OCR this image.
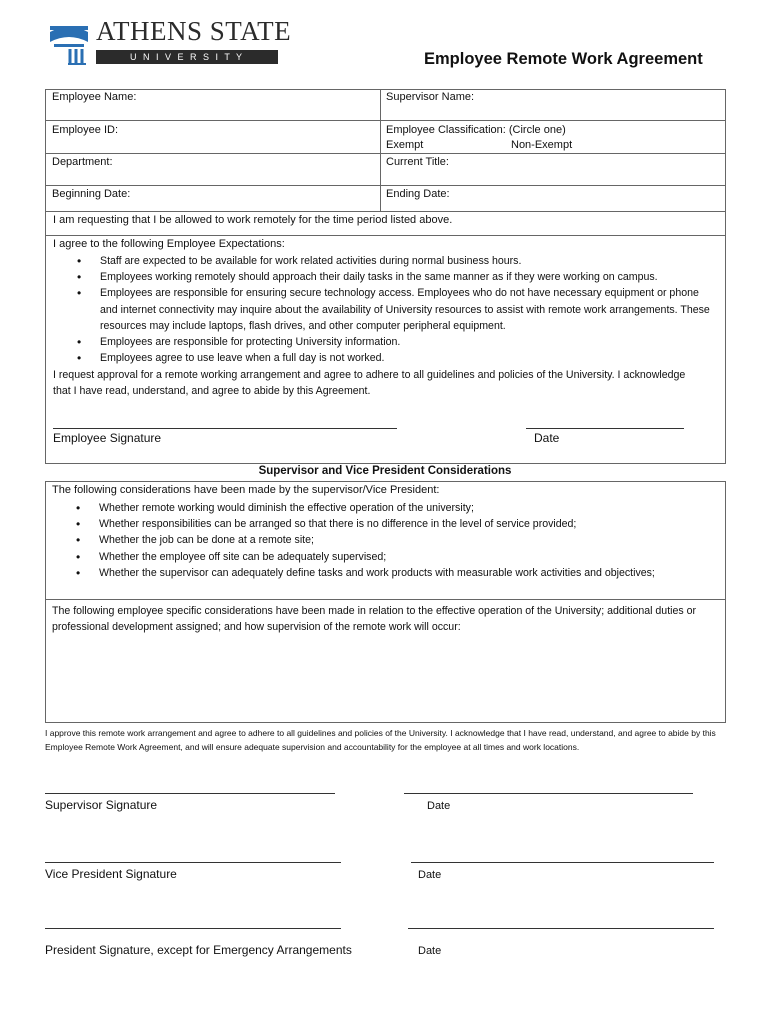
ATHENS STATE
U N I V E R S I T Y	Employee Remote Work Agreement
Employee Name:	Supervisor Name:
Employee ID:	Employee Classification: (Circle one)
Exempt	Non-Exempt
Department:	Current Title:
Beginning Date:	Ending Date:
I am requesting that I be allowed to work remotely for the time period listed above.
I agree to the following Employee Expectations:
• Staff are expected to be available for work related activities during normal business hours.
• Employees working remotely should approach their daily tasks in the same manner as if they were working on campus.
• Employees are responsible for ensuring secure technology access. Employees who do not have necessary equipment or phone and internet connectivity may inquire about the availability of University resources to assist with remote work arrangements. These resources may include laptops, flash drives, and other computer peripheral equipment.
• Employees are responsible for protecting University information.
• Employees agree to use leave when a full day is not worked.
I request approval for a remote working arrangement and agree to adhere to all guidelines and policies of the University. I acknowledge that I have read, understand, and agree to abide by this Agreement.
Employee Signature	Date
Supervisor and Vice President Considerations
The following considerations have been made by the supervisor/Vice President:
• Whether remote working would diminish the effective operation of the university;
• Whether responsibilities can be arranged so that there is no difference in the level of service provided;
• Whether the job can be done at a remote site;
• Whether the employee off site can be adequately supervised;
• Whether the supervisor can adequately define tasks and work products with measurable work activities and objectives;
The following employee specific considerations have been made in relation to the effective operation of the University; additional duties or professional development assigned; and how supervision of the remote work will occur:
I approve this remote work arrangement and agree to adhere to all guidelines and policies of the University. I acknowledge that I have read, understand, and agree to abide by this Employee Remote Work Agreement, and will ensure adequate supervision and accountability for the employee at all times and work locations.
Supervisor Signature	Date
Vice President Signature	Date
President Signature, except for Emergency Arrangements	Date
